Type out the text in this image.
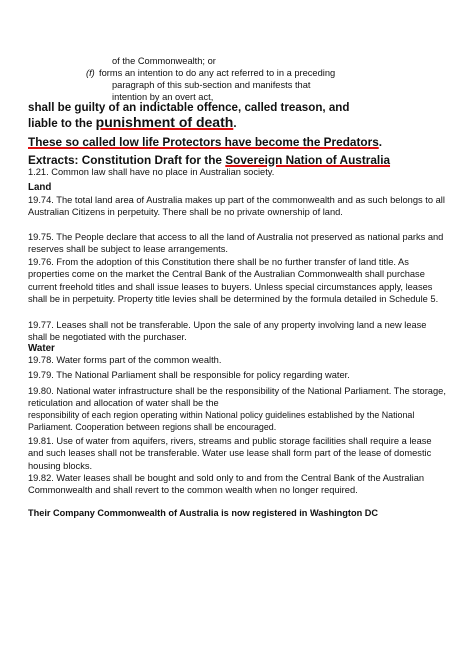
of the Commonwealth; or
(f) forms an intention to do any act referred to in a preceding
paragraph of this sub-section and manifests that
intention by an overt act,
shall be guilty of an indictable offence, called treason, and
liable to the punishment of death.
These so called low life Protectors have become the Predators.
Extracts: Constitution Draft for the Sovereign Nation of Australia
1.21. Common law shall have no place in Australian society.
Land
19.74. The total land area of Australia makes up part of the commonwealth and as such belongs to all Australian Citizens in perpetuity. There shall be no private ownership of land.
19.75. The People declare that access to all the land of Australia not preserved as national parks and reserves shall be subject to lease arrangements.
19.76. From the adoption of this Constitution there shall be no further transfer of land title. As properties come on the market the Central Bank of the Australian Commonwealth shall purchase current freehold titles and shall issue leases to buyers. Unless special circumstances apply, leases shall be in perpetuity. Property title levies shall be determined by the formula detailed in Schedule 5.
19.77. Leases shall not be transferable. Upon the sale of any property involving land a new lease shall be negotiated with the purchaser.
Water
19.78. Water forms part of the common wealth.
19.79. The National Parliament shall be responsible for policy regarding water.
19.80. National water infrastructure shall be the responsibility of the National Parliament. The storage, reticulation and allocation of water shall be the
responsibility of each region operating within National policy guidelines established by the National Parliament. Cooperation between regions shall be encouraged.
19.81. Use of water from aquifers, rivers, streams and public storage facilities shall require a lease and such leases shall not be transferable. Water use lease shall form part of the lease of domestic housing blocks.
19.82. Water leases shall be bought and sold only to and from the Central Bank of the Australian Commonwealth and shall revert to the common wealth when no longer required.
Their Company Commonwealth of Australia is now registered in Washington DC
